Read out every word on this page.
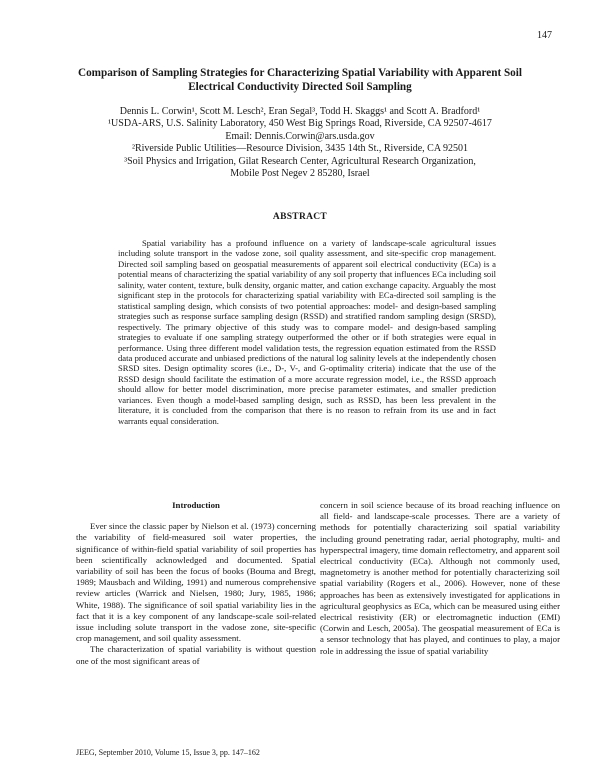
147
Comparison of Sampling Strategies for Characterizing Spatial Variability with Apparent Soil
Electrical Conductivity Directed Soil Sampling
Dennis L. Corwin¹, Scott M. Lesch², Eran Segal³, Todd H. Skaggs¹ and Scott A. Bradford¹
¹USDA-ARS, U.S. Salinity Laboratory, 450 West Big Springs Road, Riverside, CA 92507-4617
Email: Dennis.Corwin@ars.usda.gov
²Riverside Public Utilities—Resource Division, 3435 14th St., Riverside, CA 92501
³Soil Physics and Irrigation, Gilat Research Center, Agricultural Research Organization,
Mobile Post Negev 2 85280, Israel
ABSTRACT

Spatial variability has a profound influence on a variety of landscape-scale agricultural issues including solute transport in the vadose zone, soil quality assessment, and site-specific crop management. Directed soil sampling based on geospatial measurements of apparent soil electrical conductivity (ECa) is a potential means of characterizing the spatial variability of any soil property that influences ECa including soil salinity, water content, texture, bulk density, organic matter, and cation exchange capacity. Arguably the most significant step in the protocols for characterizing spatial variability with ECa-directed soil sampling is the statistical sampling design, which consists of two potential approaches: model- and design-based sampling strategies such as response surface sampling design (RSSD) and stratified random sampling design (SRSD), respectively. The primary objective of this study was to compare model- and design-based sampling strategies to evaluate if one sampling strategy outperformed the other or if both strategies were equal in performance. Using three different model validation tests, the regression equation estimated from the RSSD data produced accurate and unbiased predictions of the natural log salinity levels at the independently chosen SRSD sites. Design optimality scores (i.e., D-, V-, and G-optimality criteria) indicate that the use of the RSSD design should facilitate the estimation of a more accurate regression model, i.e., the RSSD approach should allow for better model discrimination, more precise parameter estimates, and smaller prediction variances. Even though a model-based sampling design, such as RSSD, has been less prevalent in the literature, it is concluded from the comparison that there is no reason to refrain from its use and in fact warrants equal consideration.

Introduction

Ever since the classic paper by Nielson et al. (1973) concerning the variability of field-measured soil water properties, the significance of within-field spatial variability of soil properties has been scientifically acknowledged and documented. Spatial variability of soil has been the focus of books (Bouma and Bregt, 1989; Mausbach and Wilding, 1991) and numerous comprehensive review articles (Warrick and Nielsen, 1980; Jury, 1985, 1986; White, 1988). The significance of soil spatial variability lies in the fact that it is a key component of any landscape-scale soil-related issue including solute transport in the vadose zone, site-specific crop management, and soil quality assessment.

The characterization of spatial variability is without question one of the most significant areas of

concern in soil science because of its broad reaching influence on all field- and landscape-scale processes. There are a variety of methods for potentially characterizing soil spatial variability including ground penetrating radar, aerial photography, multi- and hyperspectral imagery, time domain reflectometry, and apparent soil electrical conductivity (ECa). Although not commonly used, magnetometry is another method for potentially characterizing soil spatial variability (Rogers et al., 2006). However, none of these approaches has been as extensively investigated for applications in agricultural geophysics as ECa, which can be measured using either electrical resistivity (ER) or electromagnetic induction (EMI) (Corwin and Lesch, 2005a). The geospatial measurement of ECa is a sensor technology that has played, and continues to play, a major role in addressing the issue of spatial variability

JEEG, September 2010, Volume 15, Issue 3, pp. 147–162
